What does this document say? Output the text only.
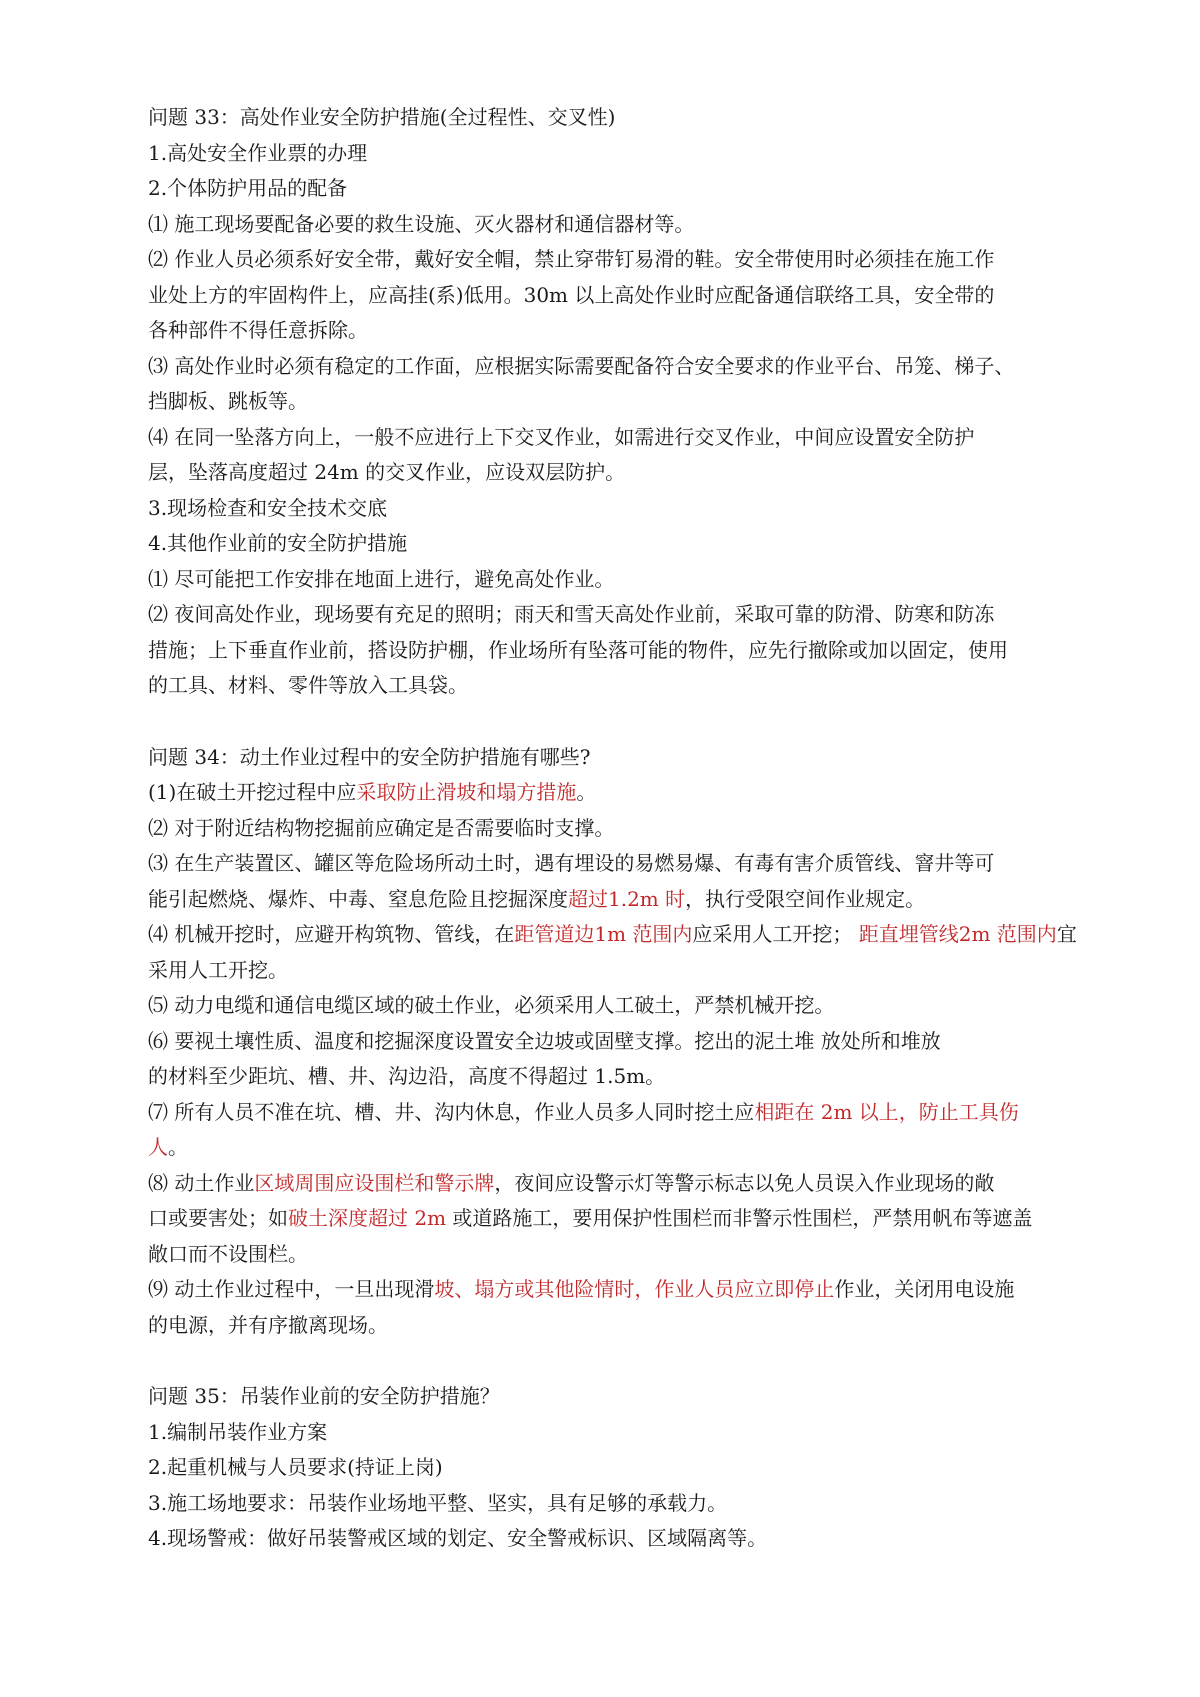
问题 33：高处作业安全防护措施(全过程性、交叉性)
1.高处安全作业票的办理
2.个体防护用品的配备
⑴ 施工现场要配备必要的救生设施、灭火器材和通信器材等。
⑵ 作业人员必须系好安全带，戴好安全帽，禁止穿带钉易滑的鞋。安全带使用时必须挂在施工作
业处上方的牢固构件上，应高挂(系)低用。30m 以上高处作业时应配备通信联络工具，安全带的
各种部件不得任意拆除。
⑶ 高处作业时必须有稳定的工作面，应根据实际需要配备符合安全要求的作业平台、吊笼、梯子、
挡脚板、跳板等。
⑷ 在同一坠落方向上，一般不应进行上下交叉作业，如需进行交叉作业，中间应设置安全防护
层，坠落高度超过 24m 的交叉作业，应设双层防护。
3.现场检查和安全技术交底
4.其他作业前的安全防护措施
⑴ 尽可能把工作安排在地面上进行，避免高处作业。
⑵ 夜间高处作业，现场要有充足的照明；雨天和雪天高处作业前，采取可靠的防滑、防寒和防冻
措施；上下垂直作业前，搭设防护棚，作业场所有坠落可能的物件，应先行撤除或加以固定，使用
的工具、材料、零件等放入工具袋。
问题 34：动土作业过程中的安全防护措施有哪些?
(1)在破土开挖过程中应采取防止滑坡和塌方措施。
⑵ 对于附近结构物挖掘前应确定是否需要临时支撑。
⑶ 在生产装置区、罐区等危险场所动土时，遇有埋设的易燃易爆、有毒有害介质管线、窨井等可
能引起燃烧、爆炸、中毒、窒息危险且挖掘深度超过1.2m 时，执行受限空间作业规定。
⑷ 机械开挖时，应避开构筑物、管线，在距管道边1m 范围内应采用人工开挖； 距直埋管线2m 范围内宜
采用人工开挖。
⑸ 动力电缆和通信电缆区域的破土作业，必须采用人工破土，严禁机械开挖。
⑹ 要视土壤性质、温度和挖掘深度设置安全边坡或固壁支撑。挖出的泥土堆 放处所和堆放
的材料至少距坑、槽、井、沟边沿，高度不得超过 1.5m。
⑺ 所有人员不准在坑、槽、井、沟内休息，作业人员多人同时挖土应相距在 2m 以上，防止工具伤
人。
⑻ 动土作业区域周围应设围栏和警示牌，夜间应设警示灯等警示标志以免人员误入作业现场的敞
口或要害处；如破土深度超过 2m 或道路施工，要用保护性围栏而非警示性围栏，严禁用帆布等遮盖
敞口而不设围栏。
⑼ 动土作业过程中，一旦出现滑坡、塌方或其他险情时，作业人员应立即停止作业，关闭用电设施
的电源，并有序撤离现场。
问题 35：吊装作业前的安全防护措施？
1.编制吊装作业方案
2.起重机械与人员要求(持证上岗)
3.施工场地要求：吊装作业场地平整、坚实，具有足够的承载力。
4.现场警戒：做好吊装警戒区域的划定、安全警戒标识、区域隔离等。
